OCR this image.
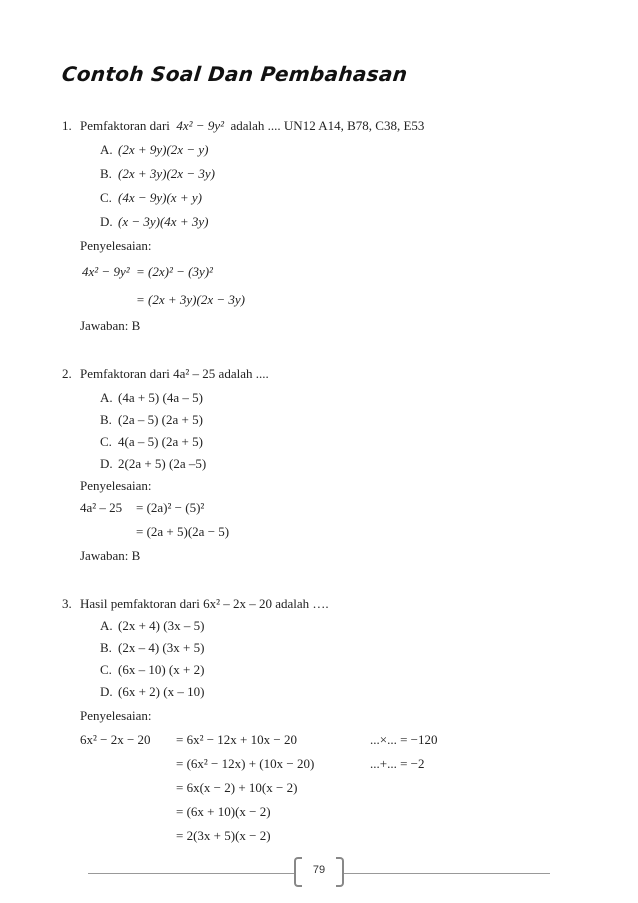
Contoh Soal Dan Pembahasan
1. Pemfaktoran dari 4x² − 9y² adalah .... UN12 A14, B78, C38, E53
A. (2x + 9y)(2x − y)
B. (2x + 3y)(2x − 3y)
C. (4x − 9y)(x + y)
D. (x − 3y)(4x + 3y)
Penyelesaian:
4x² − 9y² = (2x)² − (3y)²
= (2x + 3y)(2x − 3y)
Jawaban: B
2. Pemfaktoran dari 4a² – 25 adalah ....
A. (4a + 5) (4a – 5)
B. (2a – 5) (2a + 5)
C. 4(a – 5) (2a + 5)
D. 2(2a + 5) (2a –5)
Penyelesaian:
4a² – 25 = (2a)² − (5)²
= (2a + 5)(2a − 5)
Jawaban: B
3. Hasil pemfaktoran dari 6x² – 2x – 20 adalah ….
A. (2x + 4) (3x – 5)
B. (2x – 4) (3x + 5)
C. (6x – 10) (x + 2)
D. (6x + 2) (x – 10)
Penyelesaian:
6x² − 2x − 20 = 6x² − 12x + 10x − 20
= (6x² − 12x) + (10x − 20)
= 6x(x − 2) + 10(x − 2)
= (6x + 10)(x − 2)
= 2(3x + 5)(x − 2)
...×... = −120
...+... = −2
79
